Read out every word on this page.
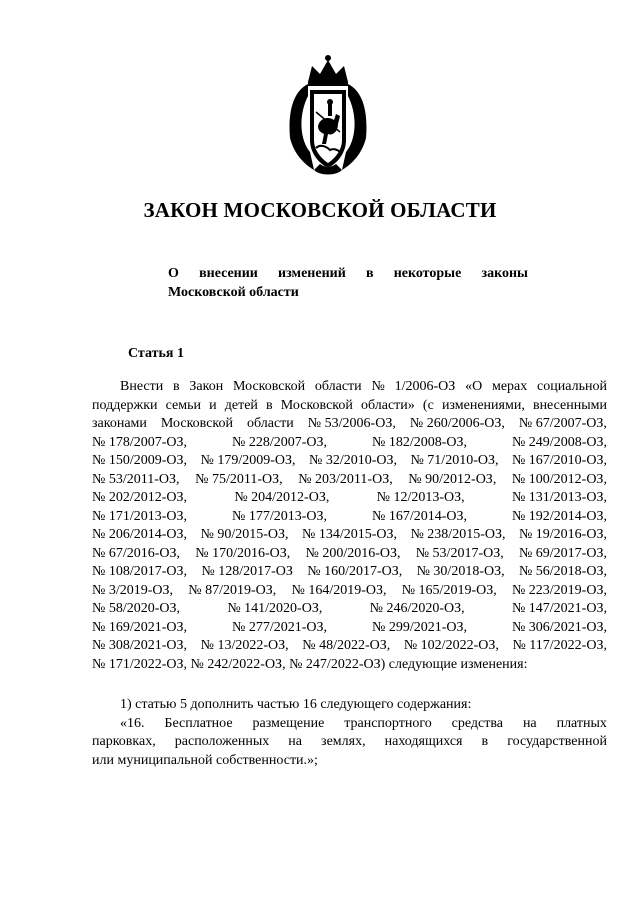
ЗАКОН МОСКОВСКОЙ ОБЛАСТИ
О внесении изменений в некоторые законы
Московской области
Статья 1
Внести в Закон Московской области № 1/2006-ОЗ «О мерах социальной
поддержки семьи и детей в Московской области» (с изменениями, внесенными
законами Московской области № 53/2006-ОЗ, № 260/2006-ОЗ, № 67/2007-ОЗ,
№ 178/2007-ОЗ,	№ 228/2007-ОЗ,	№ 182/2008-ОЗ,	№ 249/2008-ОЗ,
№ 150/2009-ОЗ, № 179/2009-ОЗ, № 32/2010-ОЗ, № 71/2010-ОЗ, № 167/2010-ОЗ,
№ 53/2011-ОЗ, № 75/2011-ОЗ, № 203/2011-ОЗ, № 90/2012-ОЗ, № 100/2012-ОЗ,
№ 202/2012-ОЗ,	№ 204/2012-ОЗ,	№ 12/2013-ОЗ,	№ 131/2013-ОЗ,
№ 171/2013-ОЗ,	№ 177/2013-ОЗ,	№ 167/2014-ОЗ,	№ 192/2014-ОЗ,
№ 206/2014-ОЗ, № 90/2015-ОЗ, № 134/2015-ОЗ, № 238/2015-ОЗ, № 19/2016-ОЗ,
№ 67/2016-ОЗ, № 170/2016-ОЗ, № 200/2016-ОЗ, № 53/2017-ОЗ, № 69/2017-ОЗ,
№ 108/2017-ОЗ, № 128/2017-ОЗ № 160/2017-ОЗ, № 30/2018-ОЗ, № 56/2018-ОЗ,
№ 3/2019-ОЗ, № 87/2019-ОЗ, № 164/2019-ОЗ, № 165/2019-ОЗ, № 223/2019-ОЗ,
№ 58/2020-ОЗ,	№ 141/2020-ОЗ,	№ 246/2020-ОЗ,	№ 147/2021-ОЗ,
№ 169/2021-ОЗ,	№ 277/2021-ОЗ,	№ 299/2021-ОЗ,	№ 306/2021-ОЗ,
№ 308/2021-ОЗ, № 13/2022-ОЗ, № 48/2022-ОЗ, № 102/2022-ОЗ, № 117/2022-ОЗ,
№ 171/2022-ОЗ, № 242/2022-ОЗ, № 247/2022-ОЗ) следующие изменения:
1) статью 5 дополнить частью 16 следующего содержания:
«16. Бесплатное размещение транспортного средства на платных
парковках, расположенных на землях, находящихся в государственной
или муниципальной собственности.»;
